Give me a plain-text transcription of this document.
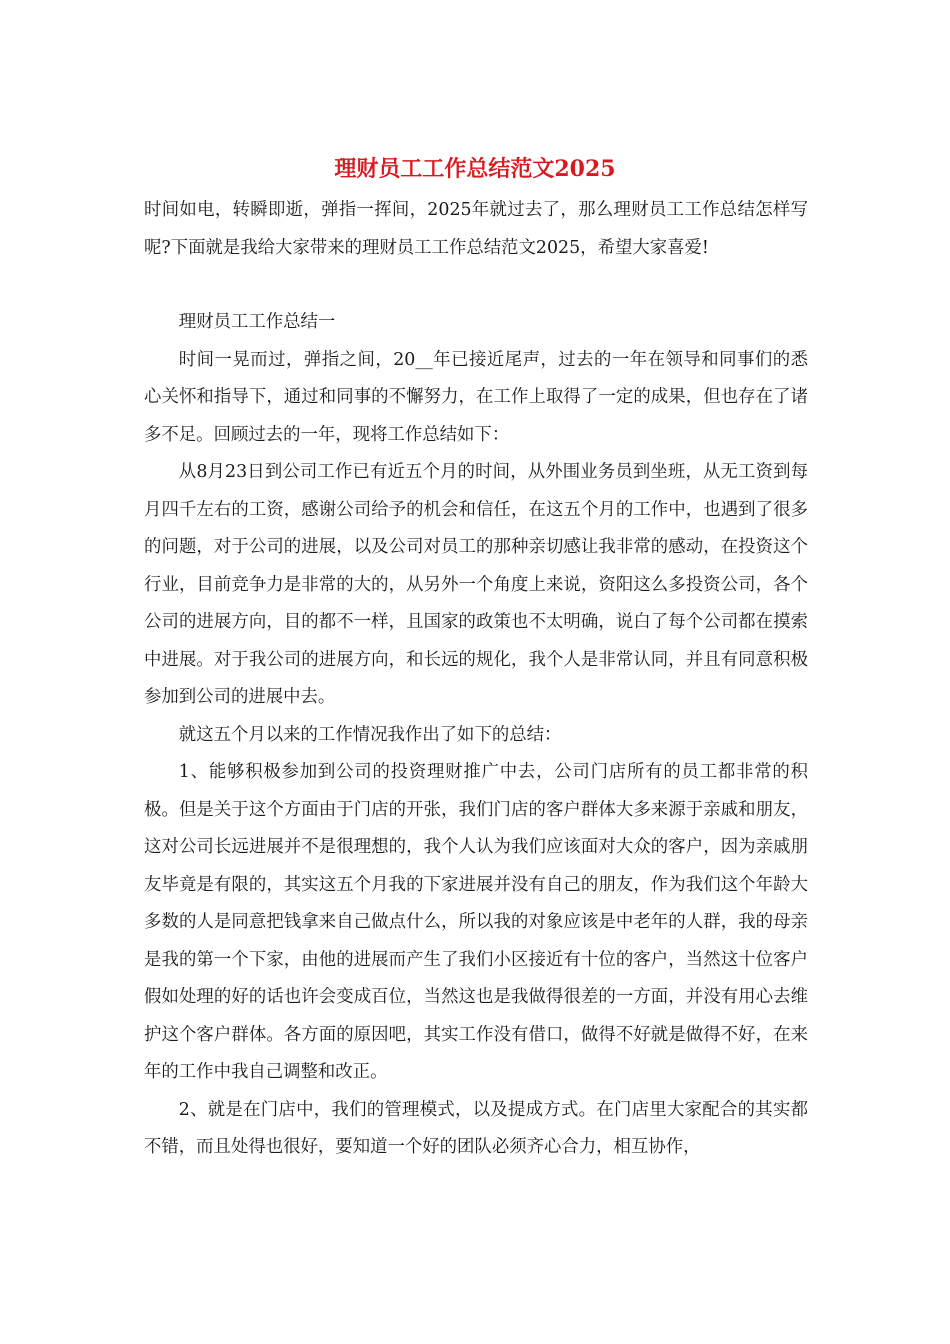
理财员工工作总结范文2025

时间如电，转瞬即逝，弹指一挥间，2025年就过去了，那么理财员工工作总结怎样写呢?下面就是我给大家带来的理财员工工作总结范文2025，希望大家喜爱!

理财员工工作总结一

时间一晃而过，弹指之间，20__年已接近尾声，过去的一年在领导和同事们的悉心关怀和指导下，通过和同事的不懈努力，在工作上取得了一定的成果，但也存在了诸多不足。回顾过去的一年，现将工作总结如下：

从8月23日到公司工作已有近五个月的时间，从外围业务员到坐班，从无工资到每月四千左右的工资，感谢公司给予的机会和信任，在这五个月的工作中，也遇到了很多的问题，对于公司的进展，以及公司对员工的那种亲切感让我非常的感动，在投资这个行业，目前竞争力是非常的大的，从另外一个角度上来说，资阳这么多投资公司，各个公司的进展方向，目的都不一样，且国家的政策也不太明确，说白了每个公司都在摸索中进展。对于我公司的进展方向，和长远的规化，我个人是非常认同，并且有同意积极参加到公司的进展中去。

就这五个月以来的工作情况我作出了如下的总结：

1、能够积极参加到公司的投资理财推广中去，公司门店所有的员工都非常的积极。但是关于这个方面由于门店的开张，我们门店的客户群体大多来源于亲戚和朋友，这对公司长远进展并不是很理想的，我个人认为我们应该面对大众的客户，因为亲戚朋友毕竟是有限的，其实这五个月我的下家进展并没有自己的朋友，作为我们这个年龄大多数的人是同意把钱拿来自己做点什么，所以我的对象应该是中老年的人群，我的母亲是我的第一个下家，由他的进展而产生了我们小区接近有十位的客户，当然这十位客户假如处理的好的话也许会变成百位，当然这也是我做得很差的一方面，并没有用心去维护这个客户群体。各方面的原因吧，其实工作没有借口，做得不好就是做得不好，在来年的工作中我自己调整和改正。

2、就是在门店中，我们的管理模式，以及提成方式。在门店里大家配合的其实都不错，而且处得也很好，要知道一个好的团队必须齐心合力，相互协作，
